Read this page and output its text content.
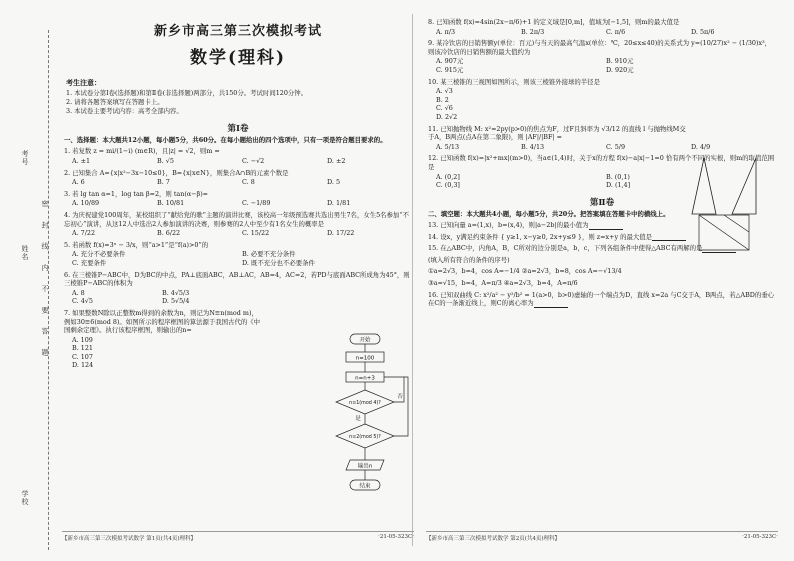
考号
姓名
学校
密 封 线 内 不 要 答 题
新乡市高三第三次模拟考试
数学(理科)
考生注意：
1. 本试卷分第Ⅰ卷(选择题)和第Ⅱ卷(非选择题)两部分，共150分。考试时间120分钟。
2. 请将各题答案填写在答题卡上。
3. 本试卷主要考试内容：高考全部内容。
第Ⅰ卷
一、选择题：本大题共12小题，每小题5分，共60分。在每小题给出的四个选项中，只有一项是符合题目要求的。
1. 若复数 z = mi/(1−i) (m∈R)，且|z| = √2，则m =
A. ±1	B. √5	C. −√2	D. ±2
2. 已知集合 A={x|x²−3x−10≤0}，B={x|x∈N}，则集合A∩B的元素个数是
A. 6	B. 7	C. 8	D. 5
3. 若 lg tan α=1，log tan β=2，则 tan(α−β)=
A. 10/89	B. 10/81	C. −1/89	D. 1/81
4. 为庆祝建党100周年，某校组织了“献给党的歌”主题的演讲比赛，该校高一年级预选赛共选出男生7名，女生5名参加“不忘初心”演讲，从这12人中选出2人参加演讲的决赛，则参赛的2人中至少有1名女生的概率是
A. 7/22	B. 6/22	C. 15/22	D. 17/22
5. 若函数 f(x)=3ˣ − 3/x，则“a>1”是“f(a)>0”的
A. 充分不必要条件	B. 必要不充分条件
C. 充要条件	D. 既不充分也不必要条件
6. 在三棱锥P−ABC中，D为BC的中点，PA⊥底面ABC，AB⊥AC，AB=4，AC=2，若PD与底面ABC所成角为45°，则三棱锥P−ABC的体积为
A. 8	B. 4√5/3
C. 4√5	D. 5√5/4
7. 如果整数N除以正整数m得到的余数为n，则记为N≡n(mod m)，例如30≡6(mod 8)。如图所示的程序框图的算法源于我国古代的《中国剩余定理》。执行该程序框图，则输出的n=
A. 109
B. 121
C. 107
D. 124
开始
n=100
n=n+3
n≡1(mod 4)?
n≡2(mod 5)?
输出n
结束
是
否
【新乡市高三第三次模拟考试数学 第1页(共4页)理科】	·21-05-323C·
8. 已知函数 f(x)=4sin(2x−π/6)+1 的定义域是[0,m]，值域为[−1,5]，则m的最大值是
A. π/3	B. 2π/3	C. π/6	D. 5π/6
9. 某冷饮店的日销售额y(单位：百元)与当天的最高气温x(单位：℃，20≤x≤40)的关系式为 y=(10/27)x² − (1/30)x³，则该冷饮店的日销售额的最大值约为
A. 907元	B. 910元
C. 915元	D. 920元
10. 某三棱锥的三视图如图所示，则该三棱锥外接球的半径是
A. √3
B. 2
C. √6
D. 2√2
11. 已知抛物线 M: x²=2py(p>0)的焦点为F，过F且斜率为 √3/12 的直线 l 与抛物线M交于A，B两点(点A在第二象限)，则 |AF|/|BF| =
A. 5/13	B. 4/13	C. 5/9	D. 4/9
12. 已知函数 f(x)=|x²+mx|(m>0)，当a∈(1,4)时，关于x的方程 f(x)−a|x|−1=0 恰有两个不同的实根，则m的取值范围是
A. (0,2]	B. (0,1)
C. (0,3]	D. (1,4]
第Ⅱ卷
二、填空题：本大题共4小题，每小题5分，共20分。把答案填在答题卡中的横线上。
13. 已知向量 a=(1,x)，b=(x,4)，则|a−2b|的最小值为
14. 设x，y满足约束条件 { y≥1, x−y≥0, 2x+y≤9 }，则 z=x+y 的最大值是
15. 在△ABC中，内角A，B，C所对的边分别是a，b，c，下列各组条件中使得△ABC有两解的是
(填入所有符合的条件的序号)
①a=2√3，b=4，cos A=−1/4 ②a=2√3，b=8，cos A=−√13/4
③a=√15，b=4，A=π/3 ④a=2√3，b=4，A=π/6
16. 已知双曲线 C: x²/a² − y²/b² = 1(a>0，b>0)虚轴的一个端点为D，直线 x=2a 与C交于A，B两点，若△ABD的垂心在C的一条渐近线上，则C的离心率为
【新乡市高三第三次模拟考试数学 第2页(共4页)理科】	·21-05-323C·
